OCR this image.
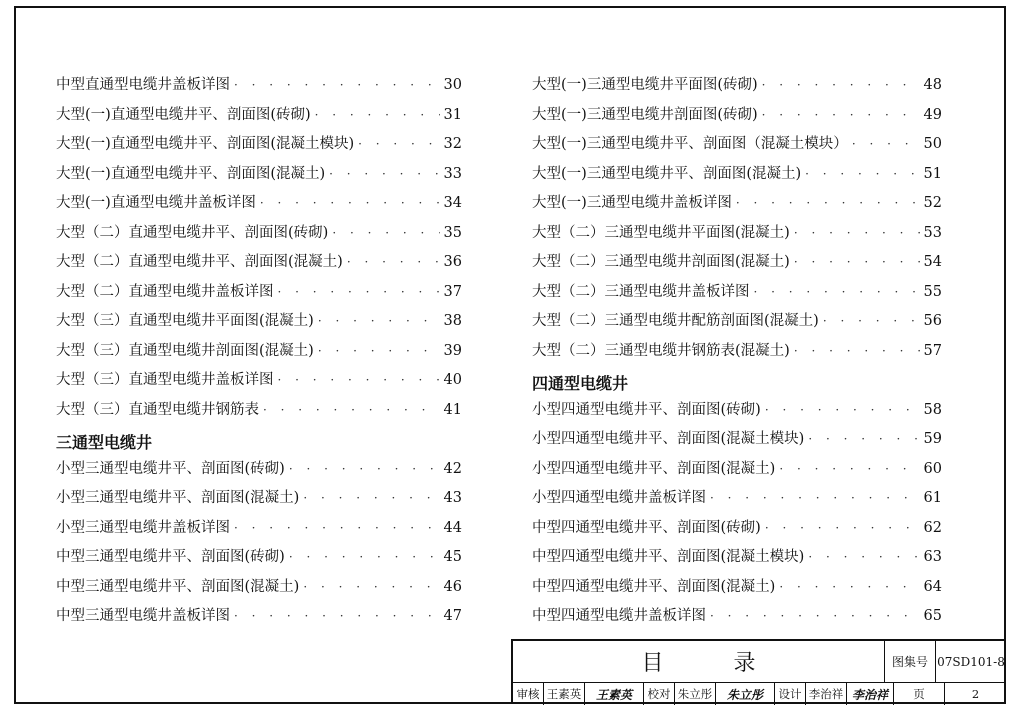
中型直通型电缆井盖板详图 · · ·	30
大型(一)直通型电缆井平、剖面图(砖砌) · · ·	31
大型(一)直通型电缆井平、剖面图(混凝土模块) · · ·	32
大型(一)直通型电缆井平、剖面图(混凝土) · · ·	33
大型(一)直通型电缆井盖板详图 · · ·	34
大型（二）直通型电缆井平、剖面图(砖砌) · · ·	35
大型（二）直通型电缆井平、剖面图(混凝土) · · ·	36
大型（二）直通型电缆井盖板详图 · · ·	37
大型（三）直通型电缆井平面图(混凝土) · · ·	38
大型（三）直通型电缆井剖面图(混凝土) · · ·	39
大型（三）直通型电缆井盖板详图 · · ·	40
大型（三）直通型电缆井钢筋表 · · ·	41
三通型电缆井
小型三通型电缆井平、剖面图(砖砌) · · ·	42
小型三通型电缆井平、剖面图(混凝土) · · ·	43
小型三通型电缆井盖板详图 · · ·	44
中型三通型电缆井平、剖面图(砖砌) · · ·	45
中型三通型电缆井平、剖面图(混凝土) · · ·	46
中型三通型电缆井盖板详图 · · ·	47
大型(一)三通型电缆井平面图(砖砌) · · ·	48
大型(一)三通型电缆井剖面图(砖砌) · · ·	49
大型(一)三通型电缆井平、剖面图（混凝土模块） · · ·	50
大型(一)三通型电缆井平、剖面图(混凝土) · · ·	51
大型(一)三通型电缆井盖板详图 · · ·	52
大型（二）三通型电缆井平面图(混凝土) · · ·	53
大型（二）三通型电缆井剖面图(混凝土) · · ·	54
大型（二）三通型电缆井盖板详图 · · ·	55
大型（二）三通型电缆井配筋剖面图(混凝土) · · ·	56
大型（二）三通型电缆井钢筋表(混凝土) · · ·	57
四通型电缆井
小型四通型电缆井平、剖面图(砖砌) · · ·	58
小型四通型电缆井平、剖面图(混凝土模块) · · ·	59
小型四通型电缆井平、剖面图(混凝土) · · ·	60
小型四通型电缆井盖板详图 · · ·	61
中型四通型电缆井平、剖面图(砖砌) · · ·	62
中型四通型电缆井平、剖面图(混凝土模块) · · ·	63
中型四通型电缆井平、剖面图(混凝土) · · ·	64
中型四通型电缆井盖板详图 · · ·	65
目	录	图集号 07SD101-8
审核 王素英	王素英	校对 朱立彤	朱立彤	设计 李治祥 李治祥	页	2
